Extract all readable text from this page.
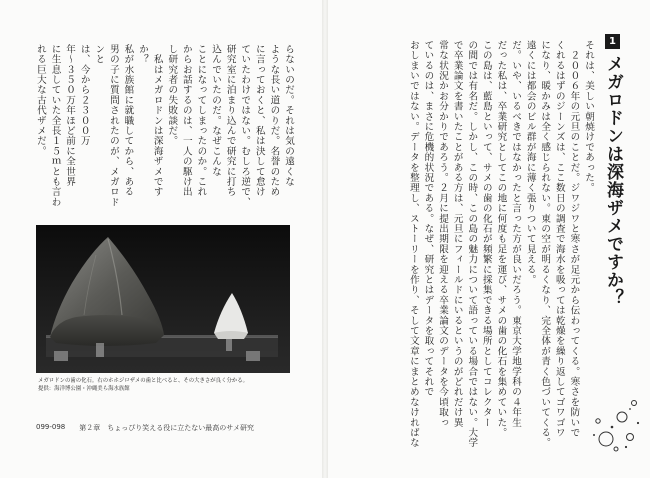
1
メガロドンは深海ザメですか？
それは、美しい朝焼けであった。
　２００６年の元旦のことだ。ジワジワと寒さが足元から伝わってくる。寒さを防いで
くれるはずのジーンズは、ここ数日の調査で海水を吸っては乾燥を繰り返してゴワゴワ
になり、暖かみは全く感じられない。東の空が明るくなり、完全体が青く色づいてくる。
遠くには都会のビル群が海に薄く張りついて見える。
だ。いや、いるべきではなかったと言った方が良いだろう。東京大学地学科の４年生
だった私は、卒業研究としてこの地に何度も足を運び、サメの歯の化石を集めていた。
この島は、藍島といって、サメの歯の化石が頻繁に採集できる場所としてコレクター
の間では有名だ。しかし、この時、この島の魅力について語っている場合ではない。大学
で卒業論文を書いたことがある方は、元旦にフィールドにいるというのがどれだけ異
常な状況かお分かりであろう。２月に提出期限を迎える卒業論文のデータを今頃取っ
ているのは、まさに危機的状況である。なぜ、研究とはデータを取ってそれで
おしまいではない。データを整理し、ストーリーを作り、そして文章にまとめなければな
らないのだ。それは気の遠くな
ような長い道のりだ。名誉のため
に言っておくと、私は決して怠け
ていたわけではない。むしろ逆で、
研究室に泊まり込んで研究に打ち
込んでいたのだ。なぜこんな
ことになってしまったのか。これ
からお話するのは、一人の駆け出
し研究者の失敗談だ。
　私はメガロドンは深海ザメですか？
私が水族館に就職してから、ある
男の子に質問されたのが、メガロドンと
は、今から２３００万
年～３５０万年ほど前に全世界
に生息していた全長１５ｍとも言わ
れる巨大な古代ザメだ。
メガロドンの歯の化石。右のホホジロザメの歯と比べると、その大きさが良く分かる。
提供：海洋博公園・沖縄美ら海水族館
099-098 第２章　ちょっぴり笑える役に立たない最高のサメ研究
